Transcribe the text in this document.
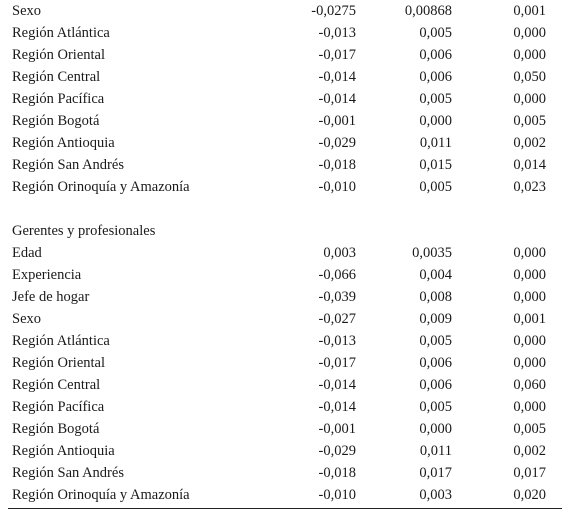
Sexo	-0,0275	0,00868	0,001
Región Atlántica	-0,013	0,005	0,000
Región Oriental	-0,017	0,006	0,000
Región Central	-0,014	0,006	0,050
Región Pacífica	-0,014	0,005	0,000
Región Bogotá	-0,001	0,000	0,005
Región Antioquia	-0,029	0,011	0,002
Región San Andrés	-0,018	0,015	0,014
Región Orinoquía y Amazonía	-0,010	0,005	0,023
Gerentes y profesionales
Edad	0,003	0,0035	0,000
Experiencia	-0,066	0,004	0,000
Jefe de hogar	-0,039	0,008	0,000
Sexo	-0,027	0,009	0,001
Región Atlántica	-0,013	0,005	0,000
Región Oriental	-0,017	0,006	0,000
Región Central	-0,014	0,006	0,060
Región Pacífica	-0,014	0,005	0,000
Región Bogotá	-0,001	0,000	0,005
Región Antioquia	-0,029	0,011	0,002
Región San Andrés	-0,018	0,017	0,017
Región Orinoquía y Amazonía	-0,010	0,003	0,020
